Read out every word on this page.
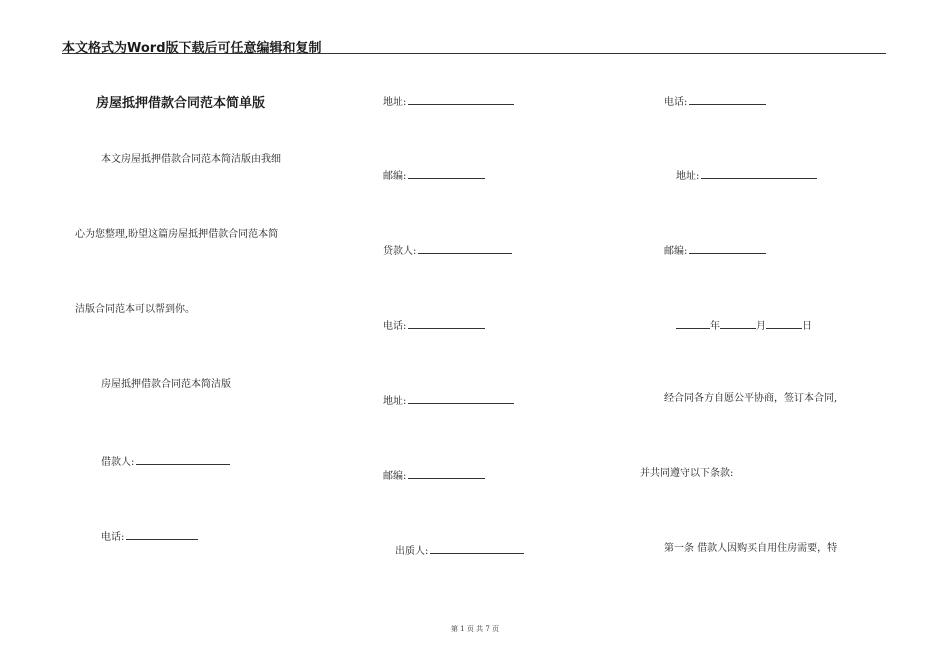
本文格式为Word版下载后可任意编辑和复制
房屋抵押借款合同范本简单版
本文房屋抵押借款合同范本简洁版由我细
心为您整理,盼望这篇房屋抵押借款合同范本简
洁版合同范本可以帮到你。
房屋抵押借款合同范本简洁版
借款人:
电话:
地址:
邮编:
贷款人:
电话:
地址:
邮编:
出质人:
电话:
地址:
邮编:
年	月	日
经合同各方自愿公平协商，签订本合同,
并共同遵守以下条款:
第一条 借款人因购买自用住房需要，特
第 1 页 共 7 页
